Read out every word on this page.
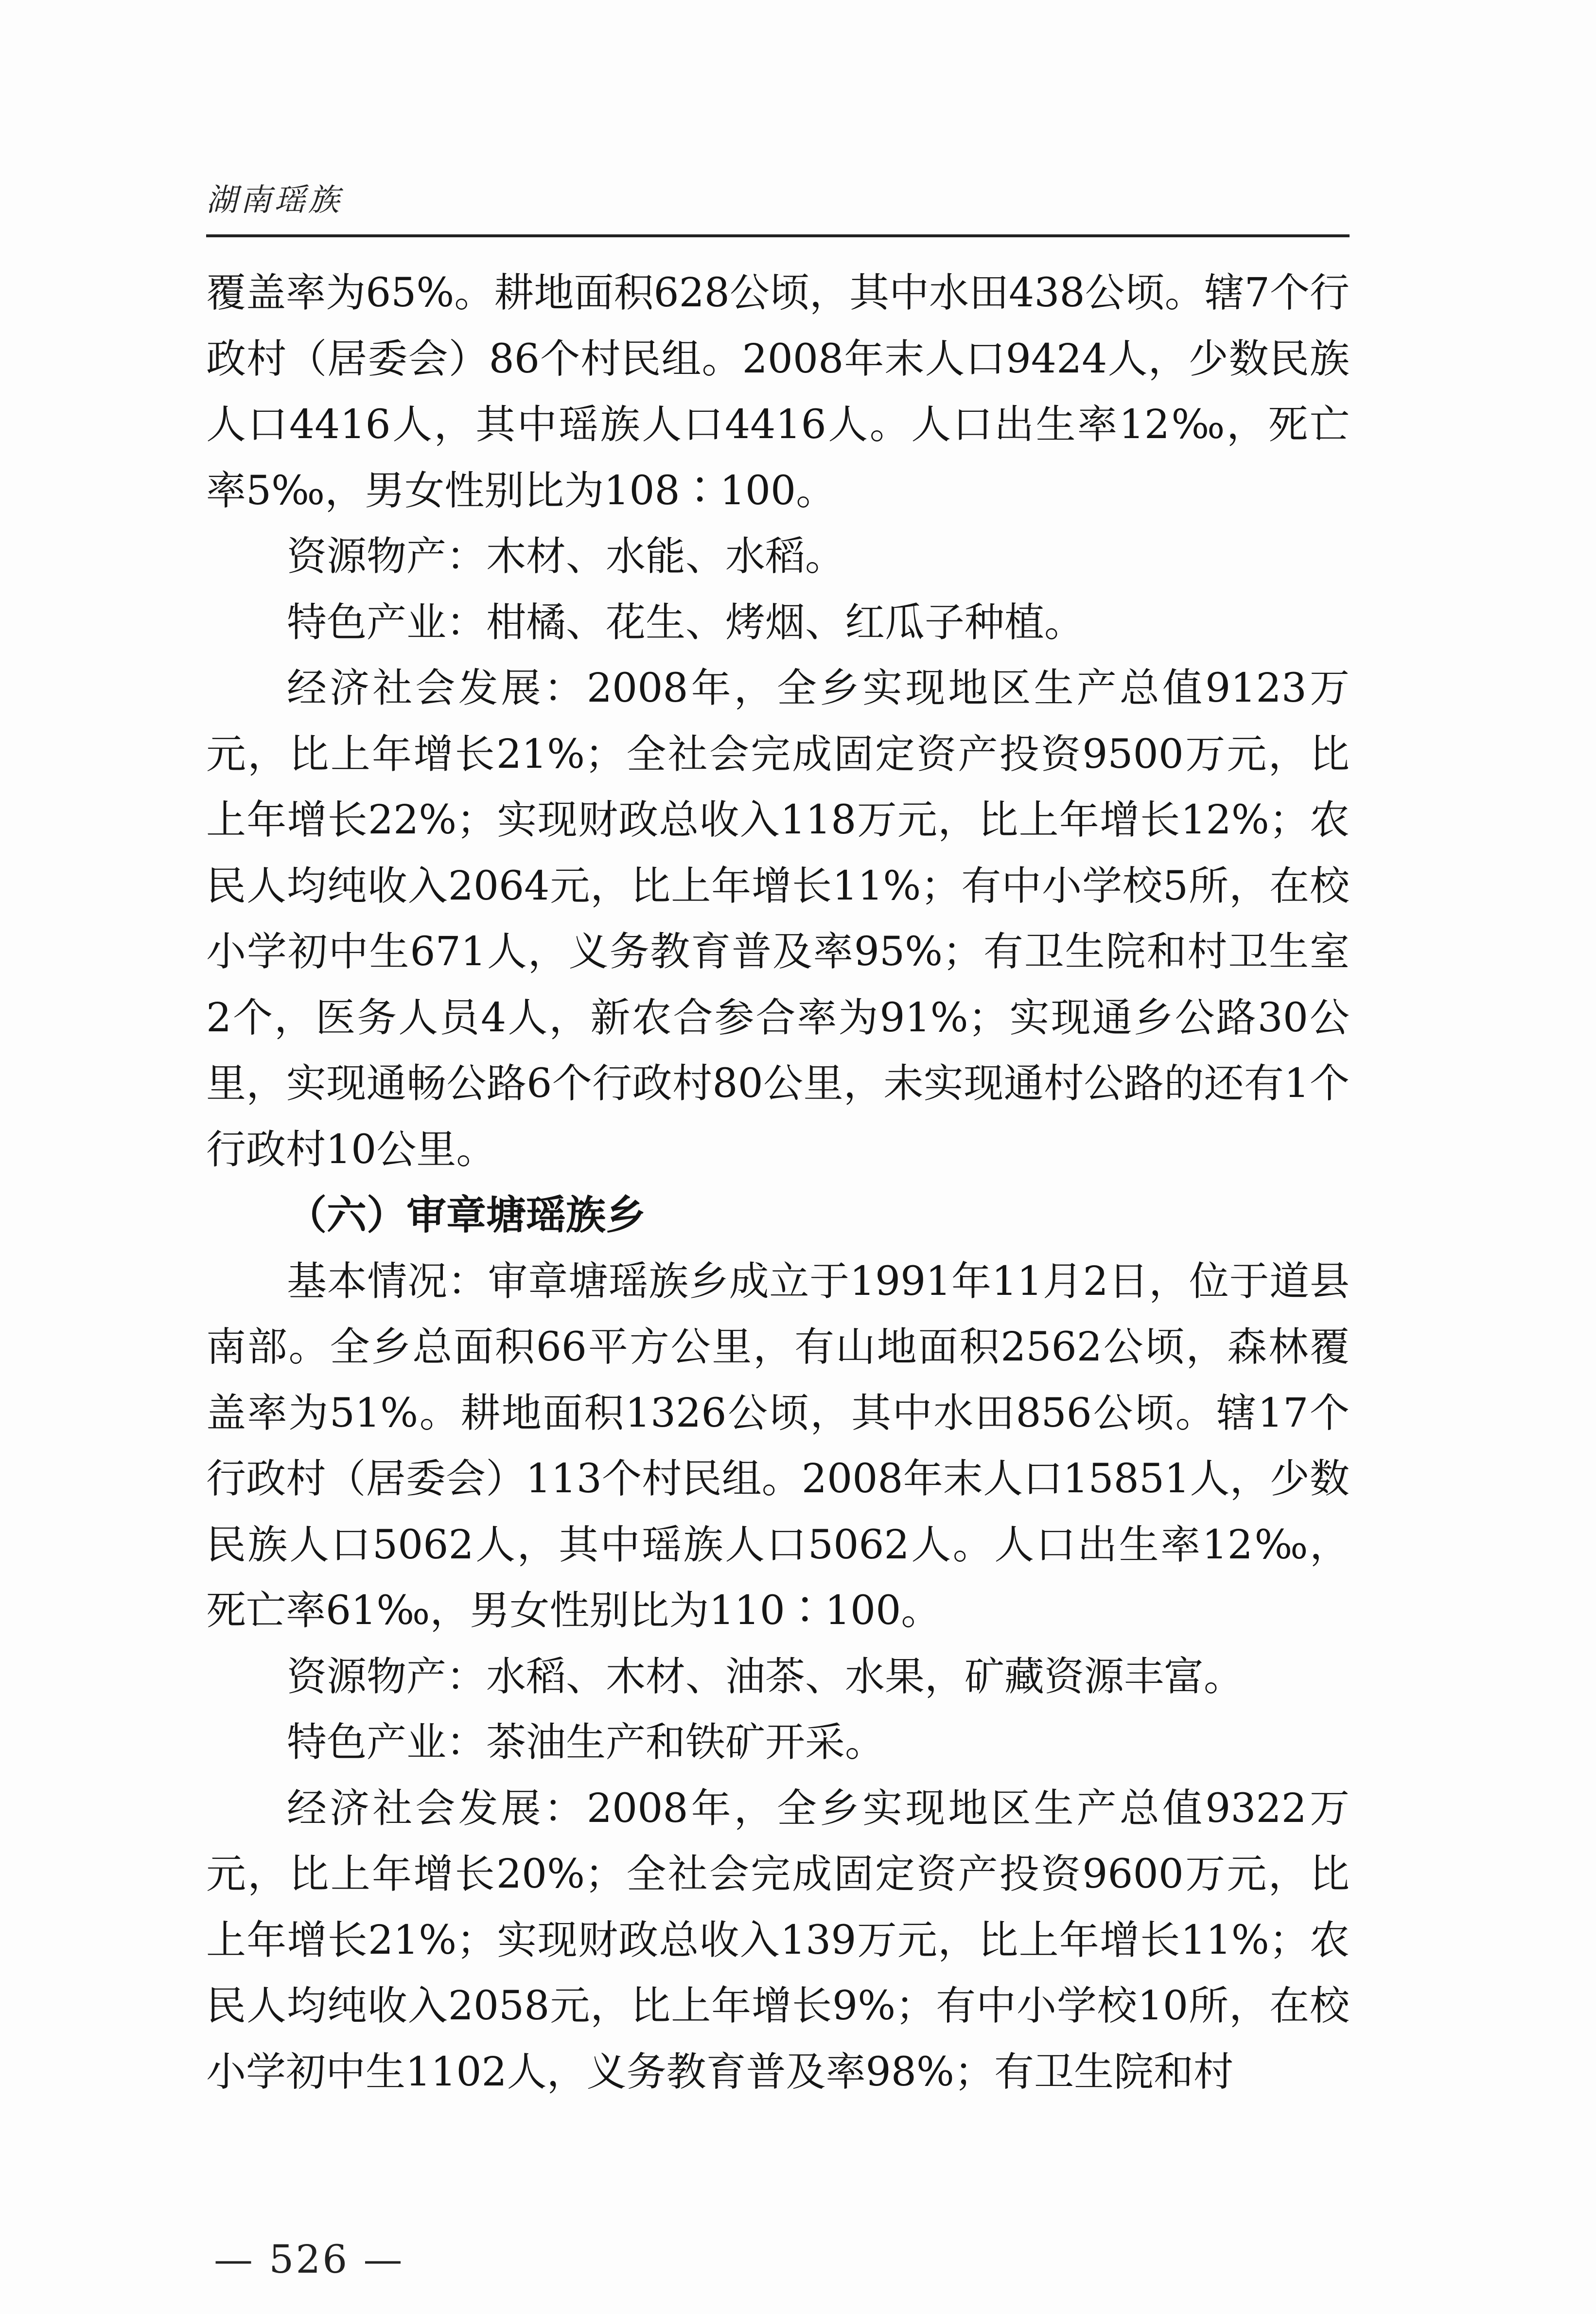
湖南瑶族

覆盖率为65%。耕地面积628公顷，其中水田438公顷。辖7个行政村（居委会）86个村民组。2008年末人口9424人，少数民族人口4416人，其中瑶族人口4416人。人口出生率12‰，死亡率5‰，男女性别比为108∶100。

资源物产：木材、水能、水稻。

特色产业：柑橘、花生、烤烟、红瓜子种植。

经济社会发展：2008年，全乡实现地区生产总值9123万元，比上年增长21%；全社会完成固定资产投资9500万元，比上年增长22%；实现财政总收入118万元，比上年增长12%；农民人均纯收入2064元，比上年增长11%；有中小学校5所，在校小学初中生671人，义务教育普及率95%；有卫生院和村卫生室2个，医务人员4人，新农合参合率为91%；实现通乡公路30公里，实现通畅公路6个行政村80公里，未实现通村公路的还有1个行政村10公里。

（六）审章塘瑶族乡

基本情况：审章塘瑶族乡成立于1991年11月2日，位于道县南部。全乡总面积66平方公里，有山地面积2562公顷，森林覆盖率为51%。耕地面积1326公顷，其中水田856公顷。辖17个行政村（居委会）113个村民组。2008年末人口15851人，少数民族人口5062人，其中瑶族人口5062人。人口出生率12‰，死亡率61‰，男女性别比为110∶100。

资源物产：水稻、木材、油茶、水果，矿藏资源丰富。

特色产业：茶油生产和铁矿开采。

经济社会发展：2008年，全乡实现地区生产总值9322万元，比上年增长20%；全社会完成固定资产投资9600万元，比上年增长21%；实现财政总收入139万元，比上年增长11%；农民人均纯收入2058元，比上年增长9%；有中小学校10所，在校小学初中生1102人，义务教育普及率98%；有卫生院和村

— 526 —
